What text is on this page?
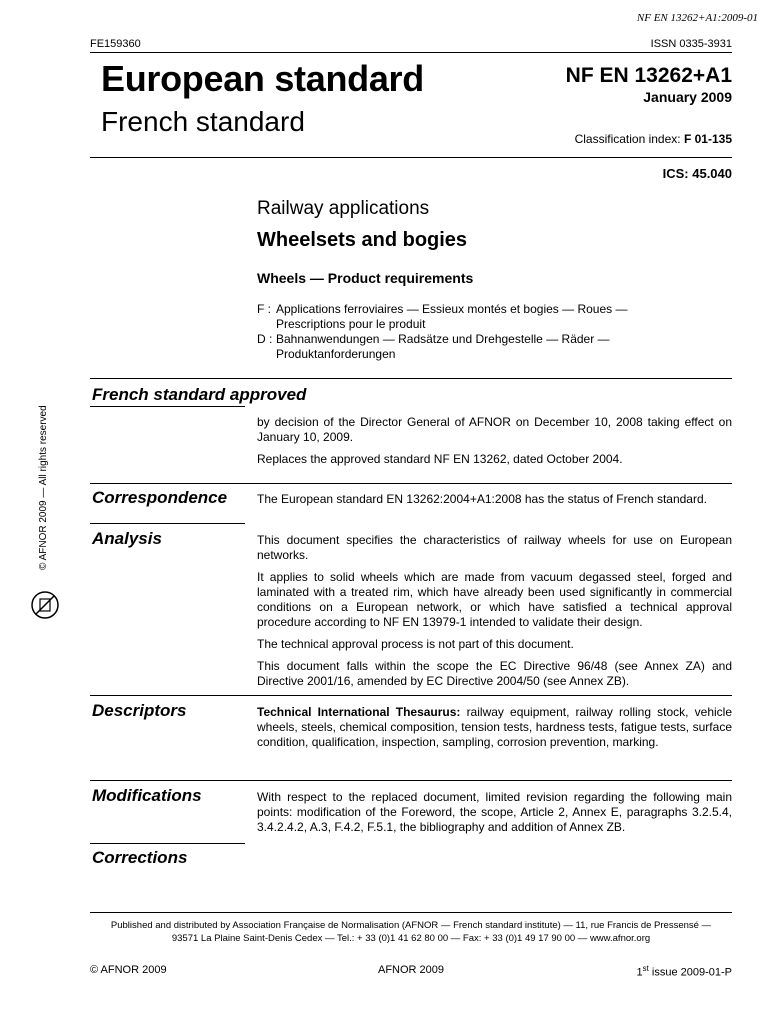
NF EN 13262+A1:2009-01
FE159360	ISSN 0335-3931
European standard
French standard
NF EN 13262+A1
January 2009
Classification index: F 01-135
ICS: 45.040
Railway applications
Wheelsets and bogies
Wheels — Product requirements
F : Applications ferroviaires — Essieux montés et bogies — Roues —
Prescriptions pour le produit
D : Bahnanwendungen — Radsätze und Drehgestelle — Räder —
Produktanforderungen
© AFNOR 2009 — All rights reserved
French standard approved

by decision of the Director General of AFNOR on December 10, 2008 taking effect on January 10, 2009.

Replaces the approved standard NF EN 13262, dated October 2004.

Correspondence The European standard EN 13262:2004+A1:2008 has the status of French standard.

Analysis	This document specifies the characteristics of railway wheels for use on European networks.

It applies to solid wheels which are made from vacuum degassed steel, forged and laminated with a treated rim, which have already been used significantly in commercial conditions on a European network, or which have satisfied a technical approval procedure according to NF EN 13979-1 intended to validate their design.

The technical approval process is not part of this document.

This document falls within the scope the EC Directive 96/48 (see Annex ZA) and Directive 2001/16, amended by EC Directive 2004/50 (see Annex ZB).

Descriptors	Technical International Thesaurus: railway equipment, railway rolling stock, vehicle wheels, steels, chemical composition, tension tests, hardness tests, fatigue tests, surface condition, qualification, inspection, sampling, corrosion prevention, marking.

Modifications	With respect to the replaced document, limited revision regarding the following main points: modification of the Foreword, the scope, Article 2, Annex E, paragraphs 3.2.5.4, 3.4.2.4.2, A.3, F.4.2, F.5.1, the bibliography and addition of Annex ZB.

Corrections
Published and distributed by Association Française de Normalisation (AFNOR — French standard institute) — 11, rue Francis de Pressensé —
93571 La Plaine Saint-Denis Cedex — Tel.: + 33 (0)1 41 62 80 00 — Fax: + 33 (0)1 49 17 90 00 — www.afnor.org
© AFNOR 2009	AFNOR 2009	1st issue 2009-01-P
